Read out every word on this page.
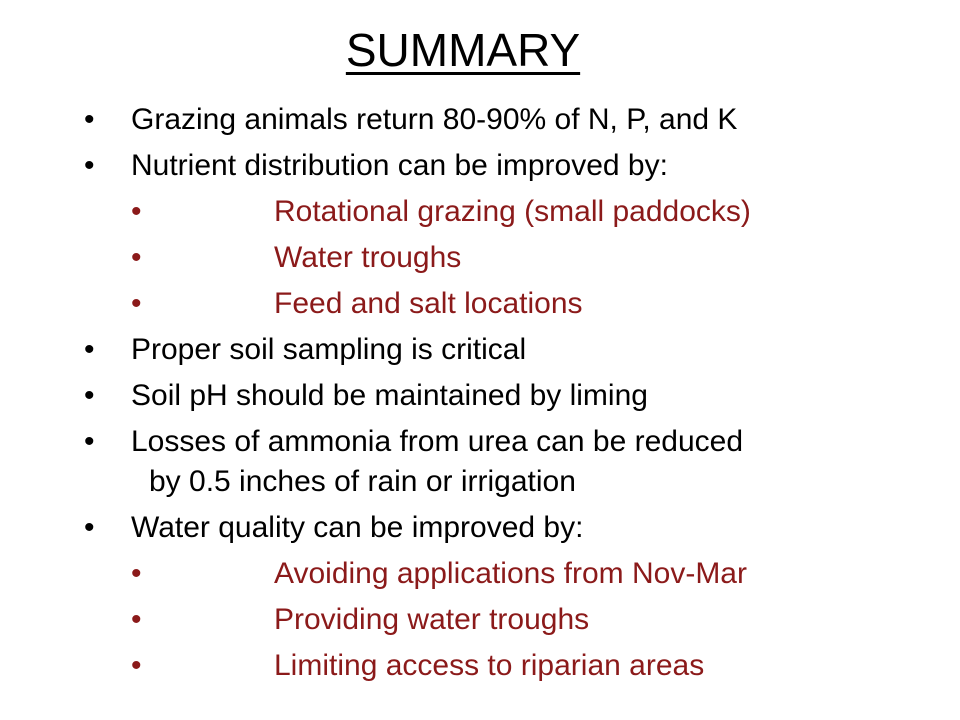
SUMMARY
• Grazing animals return 80-90% of N, P, and K
• Nutrient distribution can be improved by:
•	Rotational grazing (small paddocks)
•	Water troughs
•	Feed and salt locations
• Proper soil sampling is critical
• Soil pH should be maintained by liming
• Losses of ammonia from urea can be reduced
by 0.5 inches of rain or irrigation
• Water quality can be improved by:
•	Avoiding applications from Nov-Mar
•	Providing water troughs
•	Limiting access to riparian areas
